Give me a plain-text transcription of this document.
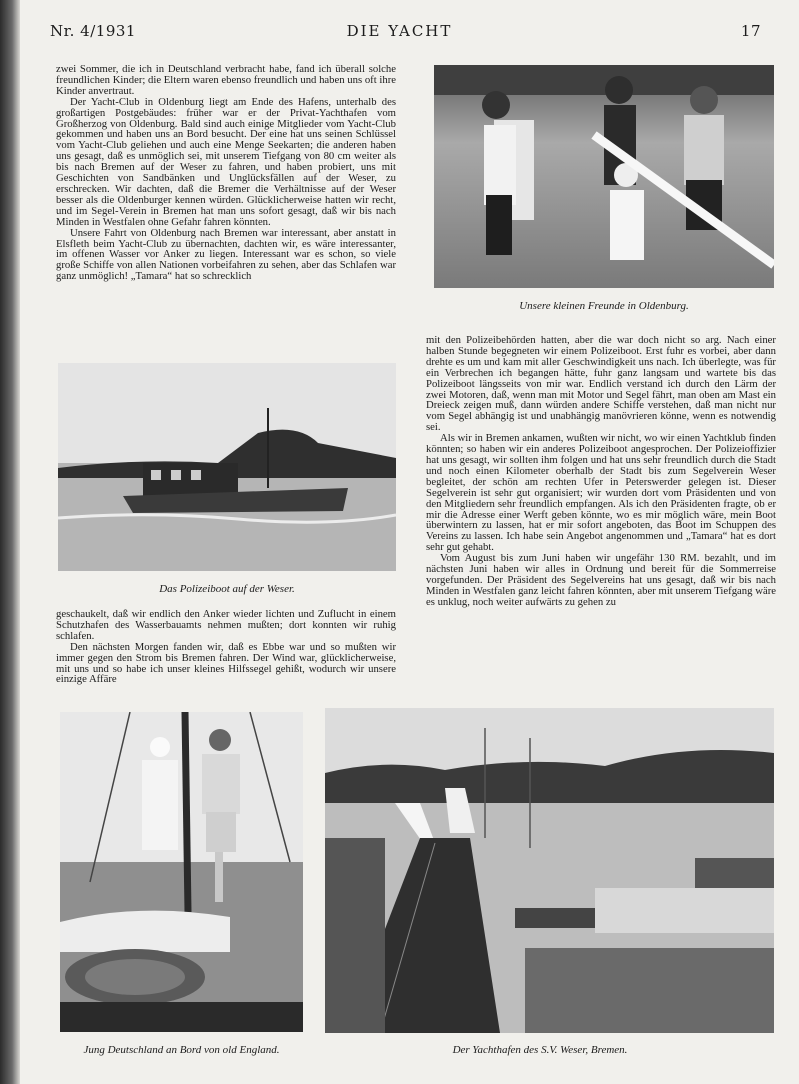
Nr. 4/1931	DIE YACHT	17

zwei Sommer, die ich in Deutschland verbracht habe, fand ich überall solche freundlichen Kinder; die Eltern waren ebenso freundlich und haben uns oft ihre Kinder anvertraut.

Der Yacht-Club in Oldenburg liegt am Ende des Hafens, unterhalb des großartigen Postgebäudes: früher war er der Privat-Yachthafen vom Großherzog von Oldenburg. Bald sind auch einige Mitglieder vom Yacht-Club gekommen und haben uns an Bord besucht. Der eine hat uns seinen Schlüssel vom Yacht-Club geliehen und auch eine Menge Seekarten; die anderen haben uns gesagt, daß es unmöglich sei, mit unserem Tiefgang von 80 cm weiter als bis nach Bremen auf der Weser zu fahren, und haben probiert, uns mit Geschichten von Sandbänken und Unglücksfällen auf der Weser, zu erschrecken. Wir dachten, daß die Bremer die Verhältnisse auf der Weser besser als die Oldenburger kennen würden. Glücklicherweise hatten wir recht, und im Segel-Verein in Bremen hat man uns sofort gesagt, daß wir bis nach Minden in Westfalen ohne Gefahr fahren könnten.

Unsere Fahrt von Oldenburg nach Bremen war interessant, aber anstatt in Elsfleth beim Yacht-Club zu übernachten, dachten wir, es wäre interessanter, im offenen Wasser vor Anker zu liegen. Interessant war es schon, so viele große Schiffe von allen Nationen vorbeifahren zu sehen, aber das Schlafen war ganz unmöglich! „Tamara“ hat so schrecklich

Unsere kleinen Freunde in Oldenburg.
Das Polizeiboot auf der Weser.

geschaukelt, daß wir endlich den Anker wieder lichten und Zuflucht in einem Schutzhafen des Wasserbauamts nehmen mußten; dort konnten wir ruhig schlafen.

Den nächsten Morgen fanden wir, daß es Ebbe war und so mußten wir immer gegen den Strom bis Bremen fahren. Der Wind war, glücklicherweise, mit uns und so habe ich unser kleines Hilfssegel gehißt, wodurch wir unsere einzige Affäre

mit den Polizeibehörden hatten, aber die war doch nicht so arg. Nach einer halben Stunde begegneten wir einem Polizeiboot. Erst fuhr es vorbei, aber dann drehte es um und kam mit aller Geschwindigkeit uns nach. Ich überlegte, was für ein Verbrechen ich begangen hätte, fuhr ganz langsam und wartete bis das Polizeiboot längsseits von mir war. Endlich verstand ich durch den Lärm der zwei Motoren, daß, wenn man mit Motor und Segel fährt, man oben am Mast ein Dreieck zeigen muß, dann würden andere Schiffe verstehen, daß man nicht nur vom Segel abhängig ist und unabhängig manövrieren könne, wenn es notwendig sei.

Als wir in Bremen ankamen, wußten wir nicht, wo wir einen Yachtklub finden könnten; so haben wir ein anderes Polizeiboot angesprochen. Der Polizeioffizier hat uns gesagt, wir sollten ihm folgen und hat uns sehr freundlich durch die Stadt und noch einen Kilometer oberhalb der Stadt bis zum Segelverein Weser begleitet, der schön am rechten Ufer in Peterswerder gelegen ist. Dieser Segelverein ist sehr gut organisiert; wir wurden dort vom Präsidenten und von den Mitgliedern sehr freundlich empfangen. Als ich den Präsidenten fragte, ob er mir die Adresse einer Werft geben könnte, wo es mir möglich wäre, mein Boot überwintern zu lassen, hat er mir sofort angeboten, das Boot im Schuppen des Vereins zu lassen. Ich habe sein Angebot angenommen und „Tamara“ hat es dort sehr gut gehabt.

Vom August bis zum Juni haben wir ungefähr 130 RM. bezahlt, und im nächsten Juni haben wir alles in Ordnung und bereit für die Sommerreise vorgefunden. Der Präsident des Segelvereins hat uns gesagt, daß wir bis nach Minden in Westfalen ganz leicht fahren könnten, aber mit unserem Tiefgang wäre es unklug, noch weiter aufwärts zu gehen zu

Jung Deutschland an Bord von old England.	Der Yachthafen des S.V. Weser, Bremen.
